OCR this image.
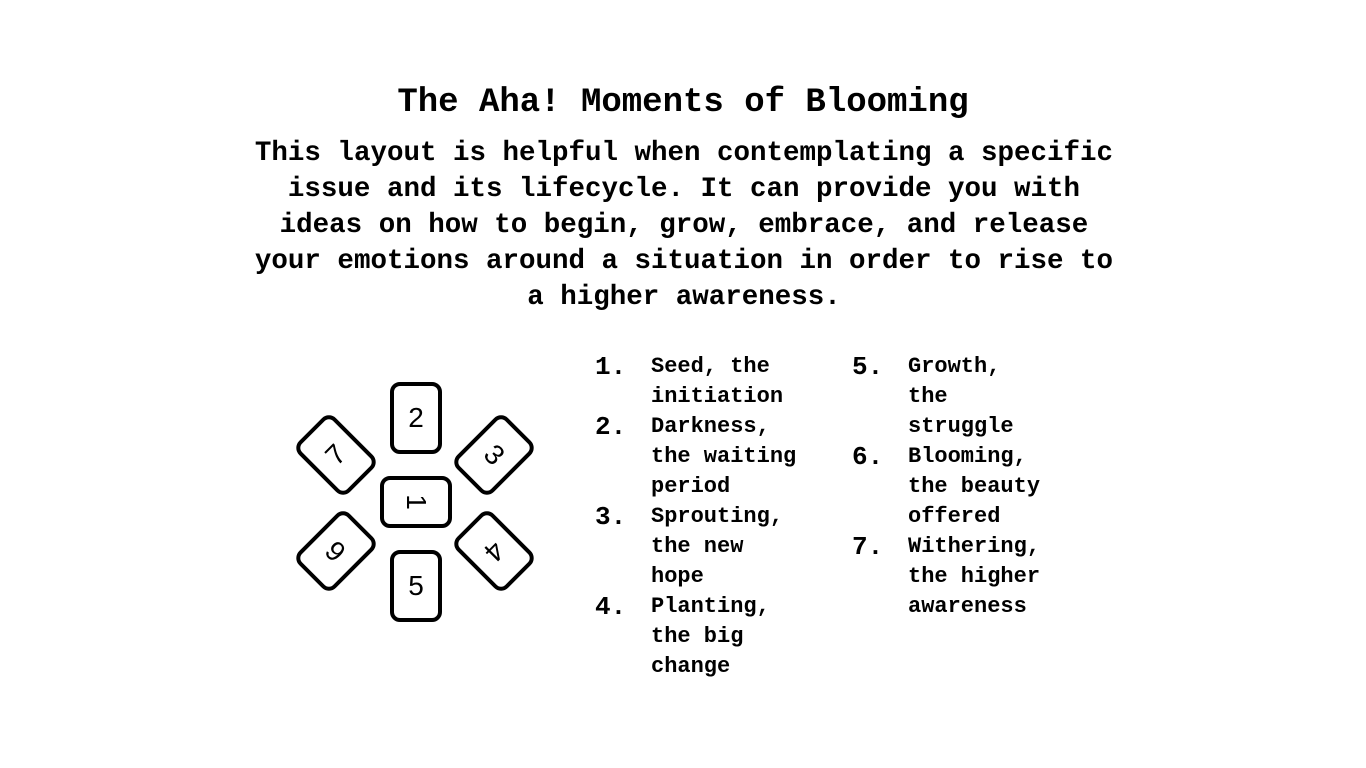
The Aha! Moments of Blooming

This layout is helpful when contemplating a specific issue and its lifecycle. It can provide you with ideas on how to begin, grow, embrace, and release your emotions around a situation in order to rise to a higher awareness.

2
7	3
1
6	4
5
1.	Seed, the
initiation
2.	Darkness,
the waiting
period
3.	Sprouting,
the new
hope
4.	Planting,
the big
change
5.	Growth,
the
struggle
6.	Blooming,
the beauty
offered
7.	Withering,
the higher
awareness
